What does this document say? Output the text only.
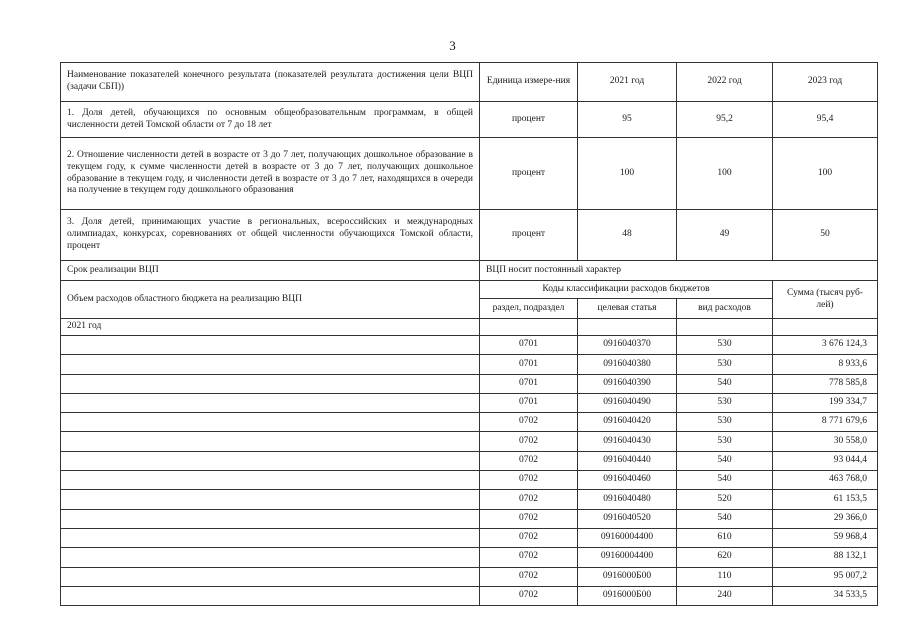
3
Наименование показателей конечного результата (показателей результата достижения цели ВЦП (задачи СБП))	Единица измере-ния	2021 год	2022 год	2023 год
1. Доля детей, обучающихся по основным общеобразовательным программам, в общей численности детей Томской области от 7 до 18 лет	процент	95	95,2	95,4
2. Отношение численности детей в возрасте от 3 до 7 лет, получающих дошкольное образование в текущем году, к сумме численности детей в возрасте от 3 до 7 лет, получающих дошкольное образование в текущем году, и численности детей в возрасте от 3 до 7 лет, находящихся в очереди на получение в текущем году дошкольного образования	процент	100	100	100
3. Доля детей, принимающих участие в региональных, всероссийских и международных олимпиадах, конкурсах, соревнованиях от общей численности обучающихся Томской области, процент	процент	48	49	50
Срок реализации ВЦП	ВЦП носит постоянный характер			
Объем расходов областного бюджета на реализацию ВЦП	Коды классификации расходов бюджетов			Сумма (тысяч руб-лей)
	раздел, подраздел	целевая статья	вид расходов	
2021 год				
	0701	0916040370	530	3 676 124,3
	0701	0916040380	530	8 933,6
	0701	0916040390	540	778 585,8
	0701	0916040490	530	199 334,7
	0702	0916040420	530	8 771 679,6
	0702	0916040430	530	30 558,0
	0702	0916040440	540	93 044,4
	0702	0916040460	540	463 768,0
	0702	0916040480	520	61 153,5
	0702	0916040520	540	29 366,0
	0702	09160004400	610	59 968,4
	0702	09160004400	620	88 132,1
	0702	0916000Б00	110	95 007,2
	0702	0916000Б00	240	34 533,5
